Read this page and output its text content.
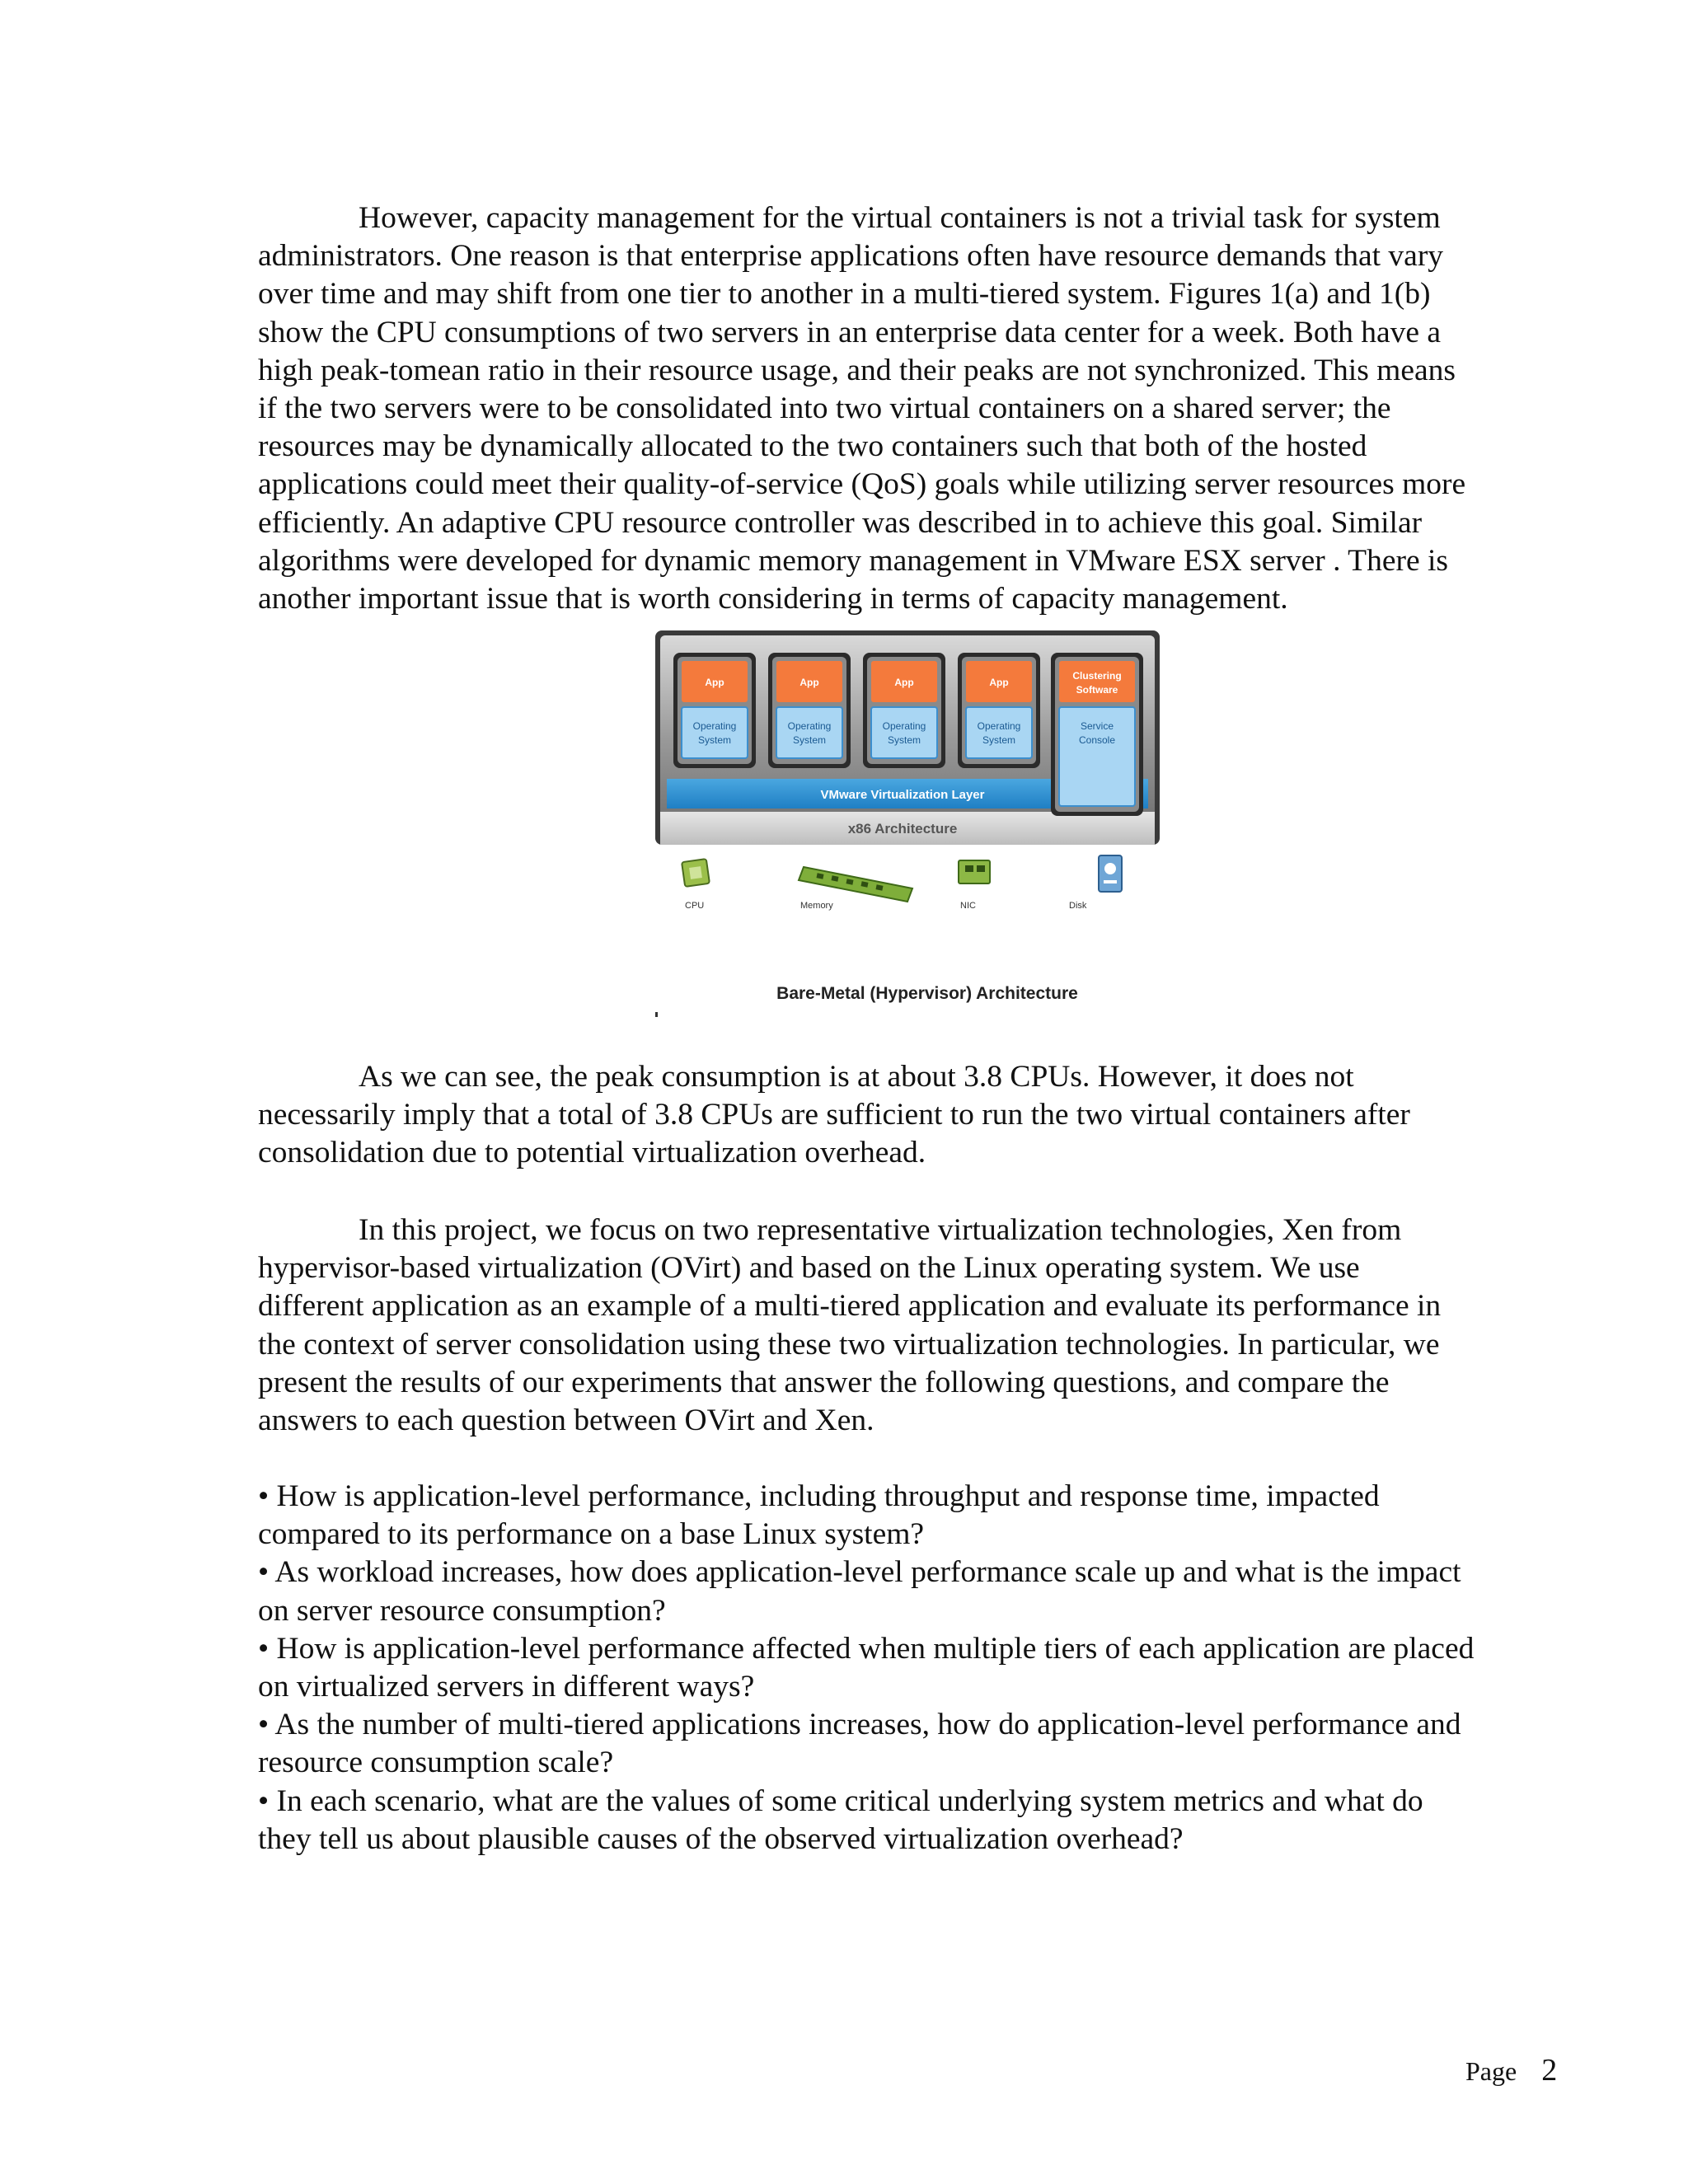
However, capacity management for the virtual containers is not a trivial task for system
administrators. One reason is that enterprise applications often have resource demands that vary
over time and may shift from one tier to another in a multi-tiered system. Figures 1(a) and 1(b)
show the CPU consumptions of two servers in an enterprise data center for a week. Both have a
high peak-tomean ratio in their resource usage, and their peaks are not synchronized. This means
if the two servers were to be consolidated into two virtual containers on a shared server; the
resources may be dynamically allocated to the two containers such that both of the hosted
applications could meet their quality-of-service (QoS) goals while utilizing server resources more
efficiently. An adaptive CPU resource controller was described in to achieve this goal. Similar
algorithms were developed for dynamic memory management in VMware ESX server . There is
another important issue that is worth considering in terms of capacity management.
VMware Virtualization Layer
x86 Architecture
App
Operating
System
App
Operating
System
App
Operating
System
App
Operating
System
Clustering
Software
Service
Console
CPU	Memory	NIC	Disk
Bare-Metal (Hypervisor) Architecture
As we can see, the peak consumption is at about 3.8 CPUs. However, it does not
necessarily imply that a total of 3.8 CPUs are sufficient to run the two virtual containers after
consolidation due to potential virtualization overhead.
In this project, we focus on two representative virtualization technologies, Xen from
hypervisor-based virtualization (OVirt) and based on the Linux operating system. We use
different application as an example of a multi-tiered application and evaluate its performance in
the context of server consolidation using these two virtualization technologies. In particular, we
present the results of our experiments that answer the following questions, and compare the
answers to each question between OVirt and Xen.
• How is application-level performance, including throughput and response time, impacted
compared to its performance on a base Linux system?
• As workload increases, how does application-level performance scale up and what is the impact
on server resource consumption?
• How is application-level performance affected when multiple tiers of each application are placed
on virtualized servers in different ways?
• As the number of multi-tiered applications increases, how do application-level performance and
resource consumption scale?
• In each scenario, what are the values of some critical underlying system metrics and what do
they tell us about plausible causes of the observed virtualization overhead?
Page 2
